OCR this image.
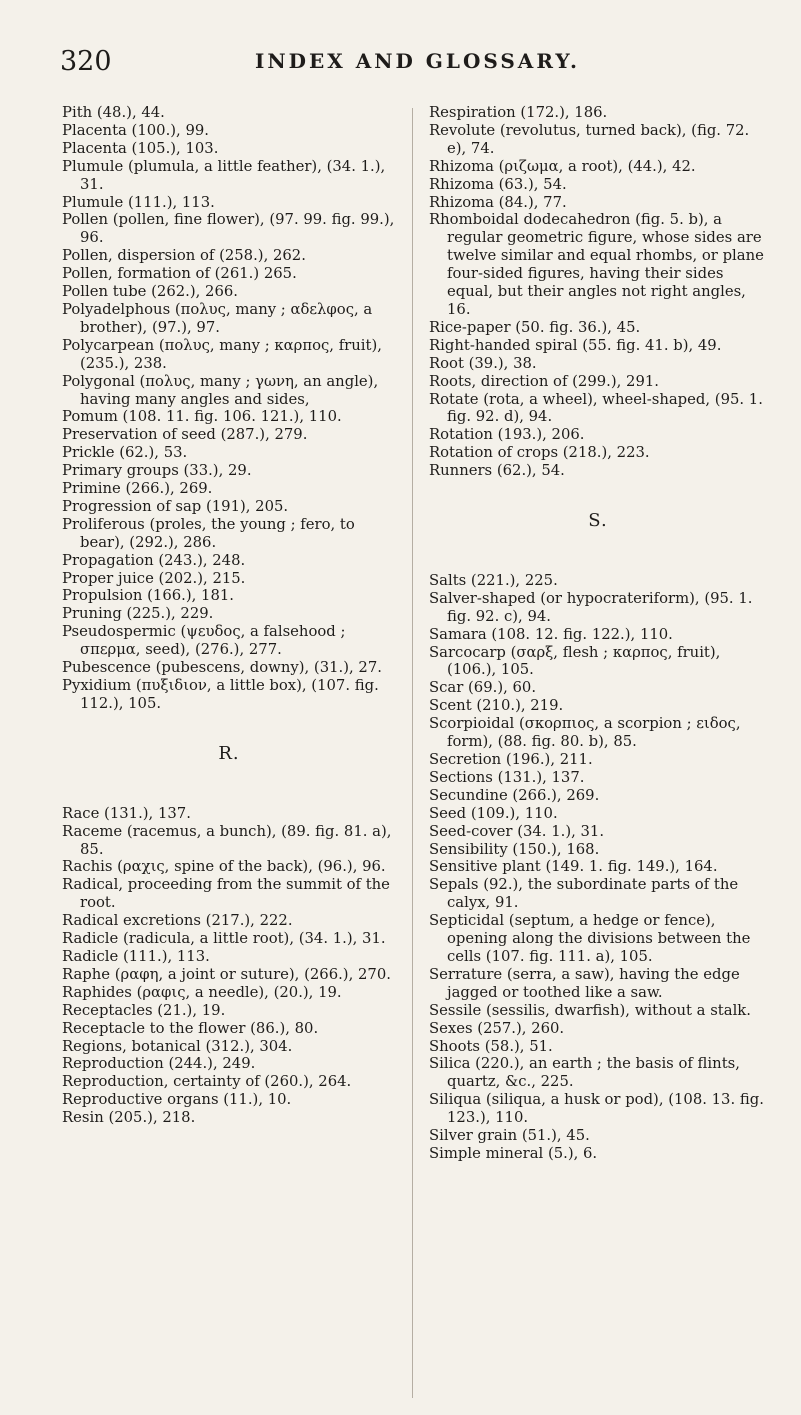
320	INDEX AND GLOSSARY.

Pith (48.), 44.

Placenta (100.), 99.

Placenta (105.), 103.

Plumule (plumula, a little feather), (34. 1.), 31.

Plumule (111.), 113.

Pollen (pollen, fine flower), (97. 99. fig. 99.), 96.

Pollen, dispersion of (258.), 262.

Pollen, formation of (261.) 265.

Pollen tube (262.), 266.

Polyadelphous (πολυς, many ; αδελφος, a brother), (97.), 97.

Polycarpean (πολυς, many ; καρπος, fruit), (235.), 238.

Polygonal (πολυς, many ; γωνη, an angle), having many angles and sides,

Pomum (108. 11. fig. 106. 121.), 110.

Preservation of seed (287.), 279.

Prickle (62.), 53.

Primary groups (33.), 29.

Primine (266.), 269.

Progression of sap (191), 205.

Proliferous (proles, the young ; fero, to bear), (292.), 286.

Propagation (243.), 248.

Proper juice (202.), 215.

Propulsion (166.), 181.

Pruning (225.), 229.

Pseudospermic (ψευδος, a falsehood ; σπερμα, seed), (276.), 277.

Pubescence (pubescens, downy), (31.), 27.

Pyxidium (πυξιδιον, a little box), (107. fig. 112.), 105.

R.

Race (131.), 137.

Raceme (racemus, a bunch), (89. fig. 81. a), 85.

Rachis (ραχις, spine of the back), (96.), 96.

Radical, proceeding from the summit of the root.

Radical excretions (217.), 222.

Radicle (radicula, a little root), (34. 1.), 31.

Radicle (111.), 113.

Raphe (ραφη, a joint or suture), (266.), 270.

Raphides (ραφις, a needle), (20.), 19.

Receptacles (21.), 19.

Receptacle to the flower (86.), 80.

Regions, botanical (312.), 304.

Reproduction (244.), 249.

Reproduction, certainty of (260.), 264.

Reproductive organs (11.), 10.

Resin (205.), 218.

Respiration (172.), 186.

Revolute (revolutus, turned back), (fig. 72. e), 74.

Rhizoma (ριζωμα, a root), (44.), 42.

Rhizoma (63.), 54.

Rhizoma (84.), 77.

Rhomboidal dodecahedron (fig. 5. b), a regular geometric figure, whose sides are twelve similar and equal rhombs, or plane four-sided figures, having their sides equal, but their angles not right angles, 16.

Rice-paper (50. fig. 36.), 45.

Right-handed spiral (55. fig. 41. b), 49.

Root (39.), 38.

Roots, direction of (299.), 291.

Rotate (rota, a wheel), wheel-shaped, (95. 1. fig. 92. d), 94.

Rotation (193.), 206.

Rotation of crops (218.), 223.

Runners (62.), 54.

S.

Salts (221.), 225.

Salver-shaped (or hypocrateriform), (95. 1. fig. 92. c), 94.

Samara (108. 12. fig. 122.), 110.

Sarcocarp (σαρξ, flesh ; καρπος, fruit), (106.), 105.

Scar (69.), 60.

Scent (210.), 219.

Scorpioidal (σκορπιος, a scorpion ; ειδος, form), (88. fig. 80. b), 85.

Secretion (196.), 211.

Sections (131.), 137.

Secundine (266.), 269.

Seed (109.), 110.

Seed-cover (34. 1.), 31.

Sensibility (150.), 168.

Sensitive plant (149. 1. fig. 149.), 164.

Sepals (92.), the subordinate parts of the calyx, 91.

Septicidal (septum, a hedge or fence), opening along the divisions between the cells (107. fig. 111. a), 105.

Serrature (serra, a saw), having the edge jagged or toothed like a saw.

Sessile (sessilis, dwarfish), without a stalk.

Sexes (257.), 260.

Shoots (58.), 51.

Silica (220.), an earth ; the basis of flints, quartz, &c., 225.

Siliqua (siliqua, a husk or pod), (108. 13. fig. 123.), 110.

Silver grain (51.), 45.

Simple mineral (5.), 6.
